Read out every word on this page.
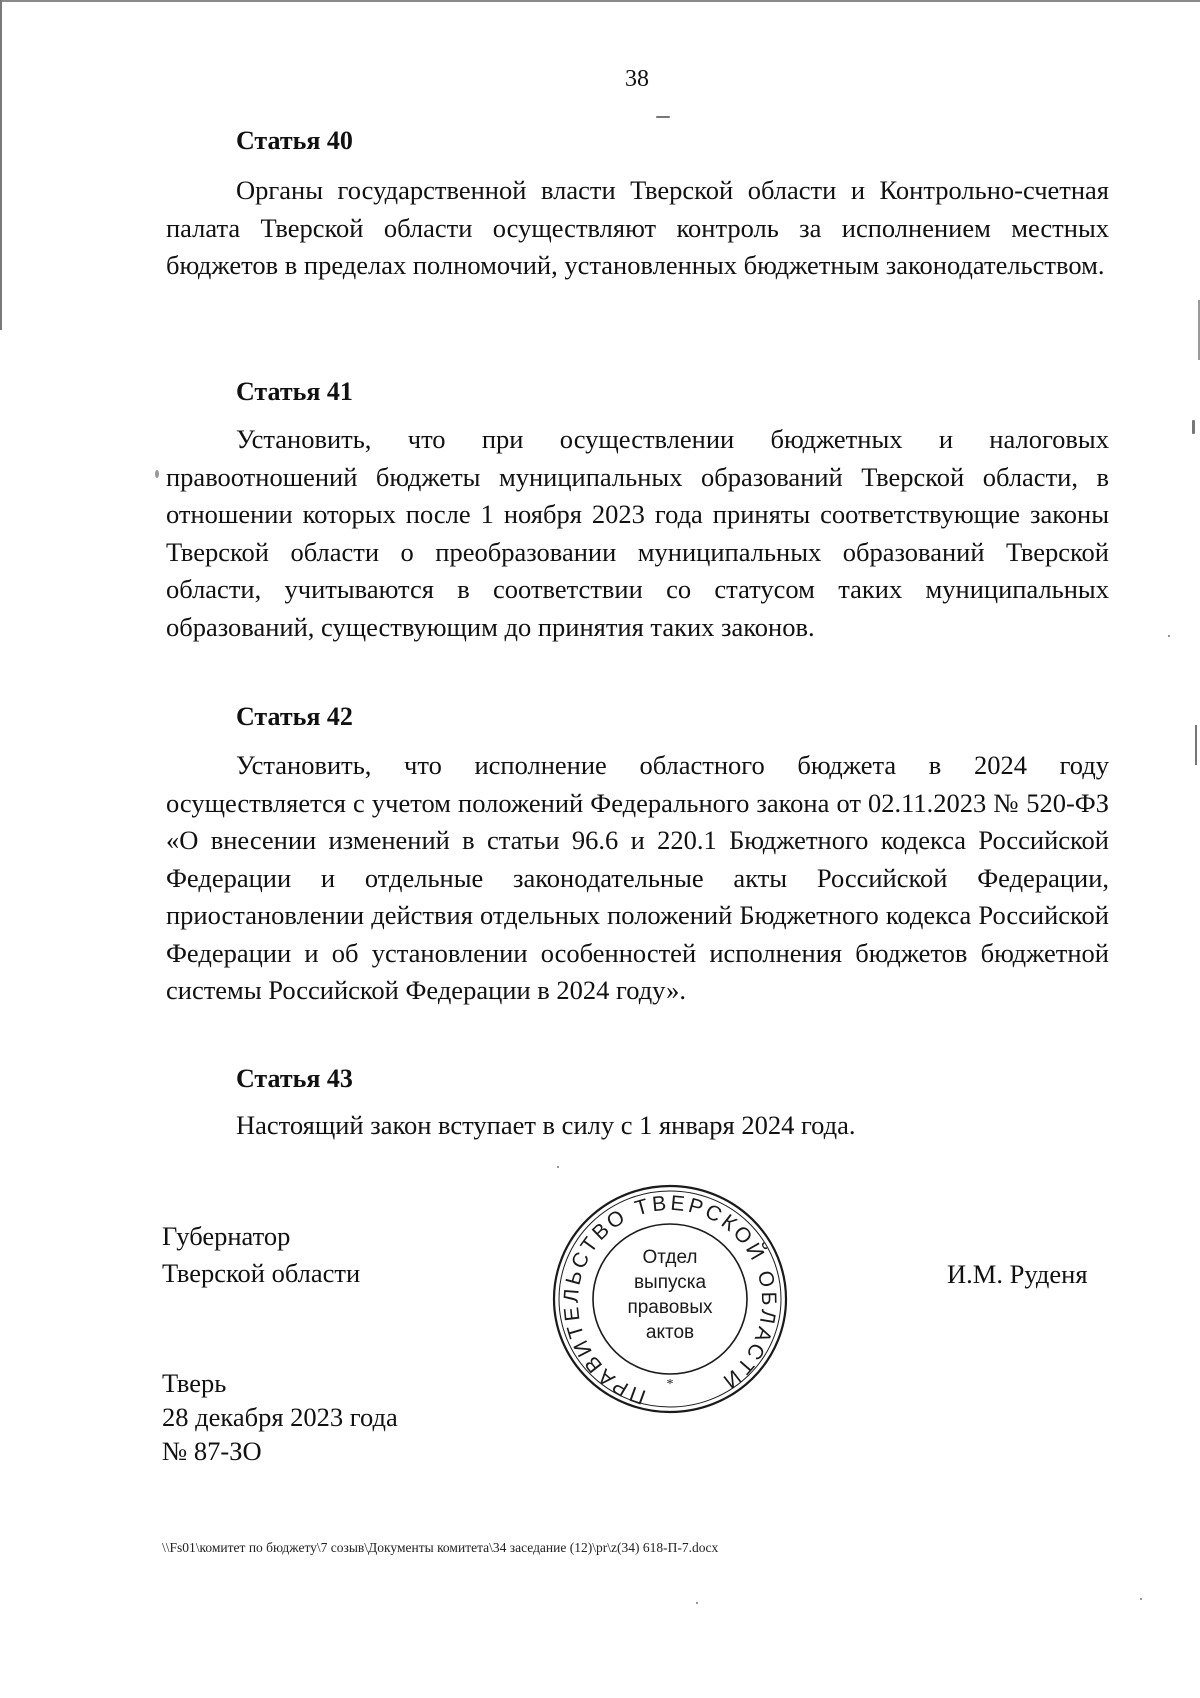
38
Статья 40

Органы государственной власти Тверской области и Контрольно-счетная палата Тверской области осуществляют контроль за исполнением местных бюджетов в пределах полномочий, установленных бюджетным законодательством.

Статья 41

Установить, что при осуществлении бюджетных и налоговых правоотношений бюджеты муниципальных образований Тверской области, в отношении которых после 1 ноября 2023 года приняты соответствующие законы Тверской области о преобразовании муниципальных образований Тверской области, учитываются в соответствии со статусом таких муниципальных образований, существующим до принятия таких законов.

Статья 42

Установить, что исполнение областного бюджета в 2024 году осуществляется с учетом положений Федерального закона от 02.11.2023 № 520-ФЗ «О внесении изменений в статьи 96.6 и 220.1 Бюджетного кодекса Российской Федерации и отдельные законодательные акты Российской Федерации, приостановлении действия отдельных положений Бюджетного кодекса Российской Федерации и об установлении особенностей исполнения бюджетов бюджетной системы Российской Федерации в 2024 году».

Статья 43
Настоящий закон вступает в силу с 1 января 2024 года.
Губернатор
Тверской области	И.М. Руденя
Тверь
28 декабря 2023 года
№ 87-ЗО
ПРАВИТЕЛЬСТВО ТВЕРСКОЙ ОБЛАСТИ
*
Отдел
выпуска
правовых
актов
\\Fs01\комитет по бюджету\7 созыв\Документы комитета\34 заседание (12)\pr\z(34) 618-П-7.docx
